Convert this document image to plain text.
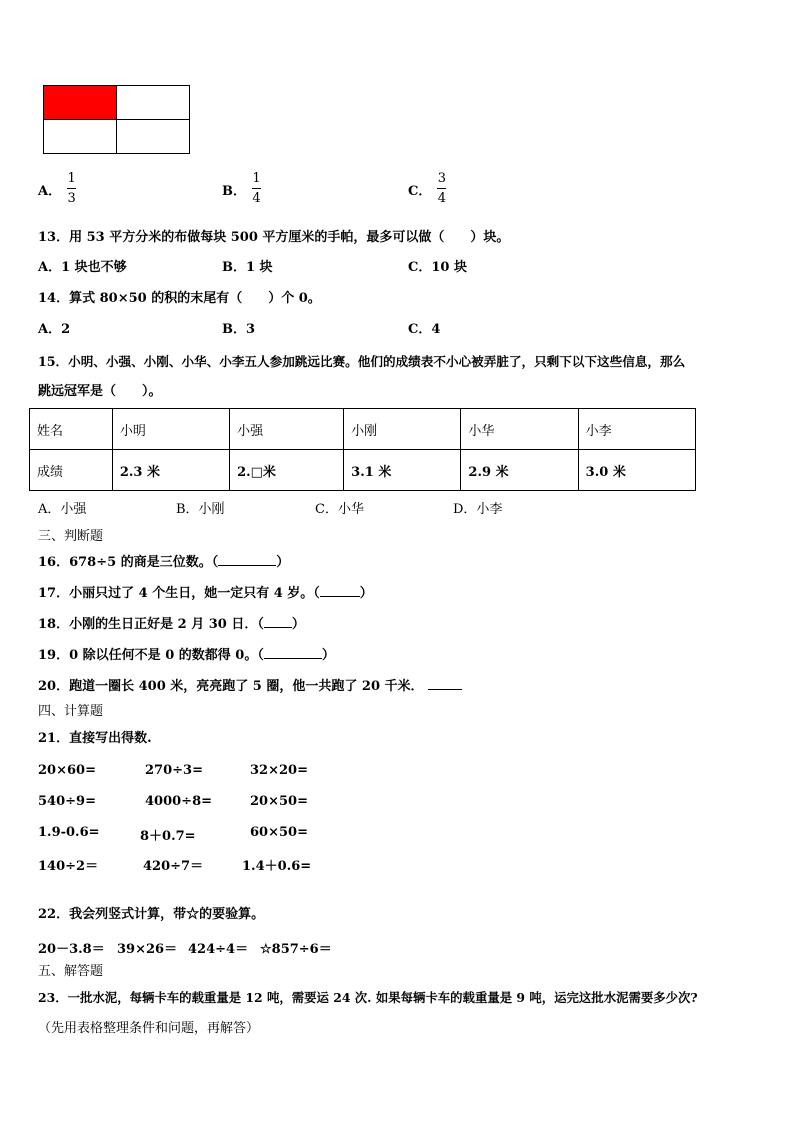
A． $\frac{1}{3}$	B． $\frac{1}{4}$	C． $\frac{3}{4}$
13．用 53 平方分米的布做每块 500 平方厘米的手帕，最多可以做（　　）块。
A．1 块也不够	B．1 块	C．10 块
14．算式 80×50 的积的末尾有（　　）个 0。
A．2	B．3	C．4
15．小明、小强、小刚、小华、小李五人参加跳远比赛。他们的成绩表不小心被弄脏了，只剩下以下这些信息，那么
跳远冠军是（　　）。
姓名	小明	小强	小刚	小华	小李
成绩	2.3 米	2.□米	3.1 米	2.9 米	3.0 米
A．小强	B．小刚	C．小华	D．小李
三、判断题
16．678÷5 的商是三位数。（	）
17．小丽只过了 4 个生日，她一定只有 4 岁。（	）
18．小刚的生日正好是 2 月 30 日．（ ）
19．0 除以任何不是 0 的数都得 0。（	）
20．跑道一圈长 400 米，亮亮跑了 5 圈，他一共跑了 20 千米．
四、计算题
21．直接写出得数.
20×60=	270÷3=	32×20=
540÷9=	4000÷8=	20×50=
1.9-0.6=	8＋0.7=	60×50=
140÷2＝	420÷7＝	1.4＋0.6=
22．我会列竖式计算，带☆的要验算。
20－3.8＝ 39×26＝ 424÷4＝ ☆857÷6＝
五、解答题
23．一批水泥，每辆卡车的载重量是 12 吨，需要运 24 次. 如果每辆卡车的载重量是 9 吨，运完这批水泥需要多少次?
（先用表格整理条件和问题，再解答）
